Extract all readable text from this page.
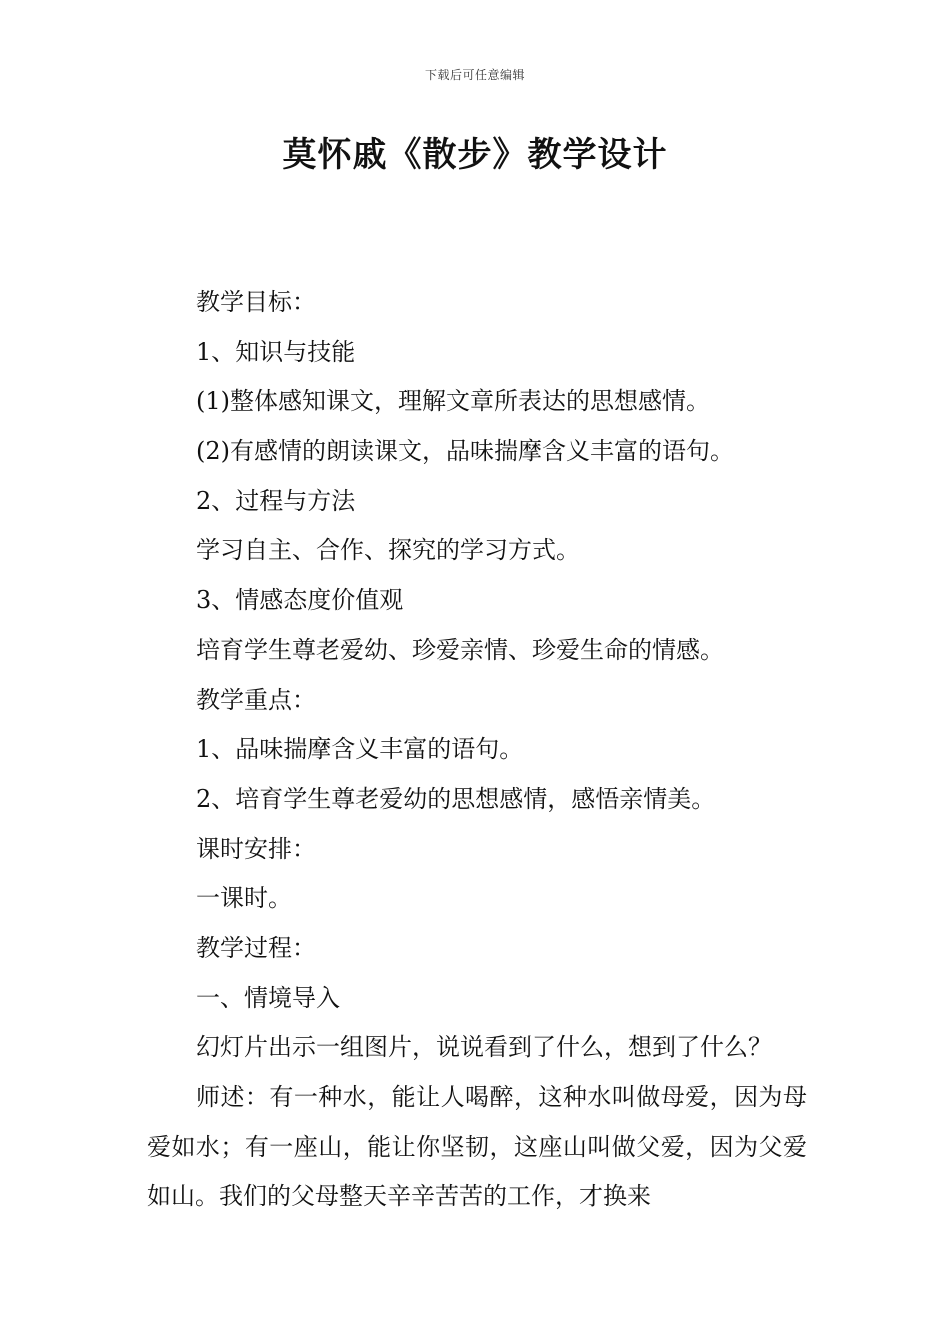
下载后可任意编辑
莫怀戚《散步》教学设计
教学目标：
1、知识与技能
(1)整体感知课文，理解文章所表达的思想感情。
(2)有感情的朗读课文，品味揣摩含义丰富的语句。
2、过程与方法
学习自主、合作、探究的学习方式。
3、情感态度价值观
培育学生尊老爱幼、珍爱亲情、珍爱生命的情感。
教学重点：
1、品味揣摩含义丰富的语句。
2、培育学生尊老爱幼的思想感情，感悟亲情美。
课时安排：
一课时。
教学过程：
一、情境导入
幻灯片出示一组图片，说说看到了什么，想到了什么？
师述：有一种水，能让人喝醉，这种水叫做母爱，因为母爱如水；有一座山，能让你坚韧，这座山叫做父爱，因为父爱如山。我们的父母整天辛辛苦苦的工作，才换来
